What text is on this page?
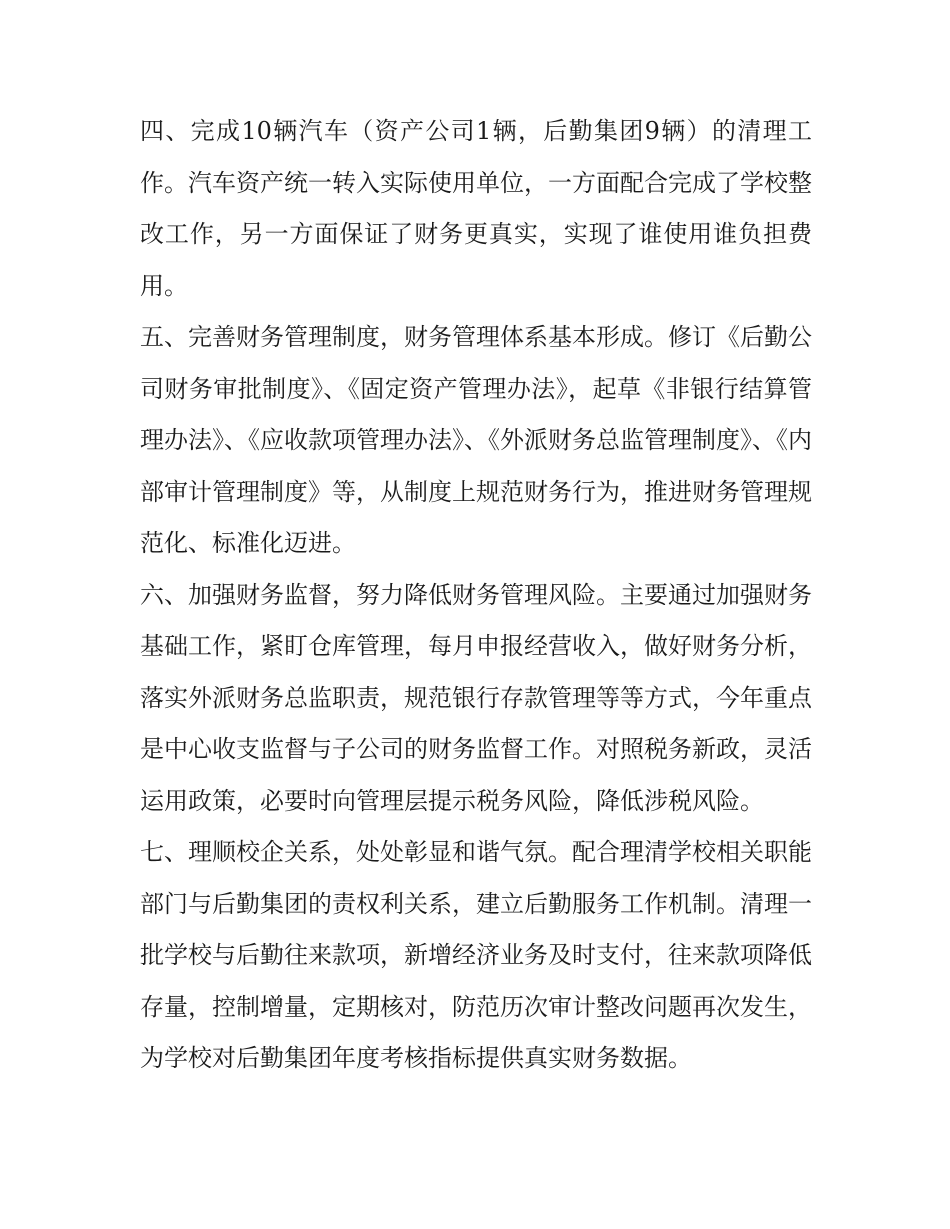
四、完成10辆汽车（资产公司1辆，后勤集团9辆）的清理工作。汽车资产统一转入实际使用单位，一方面配合完成了学校整改工作，另一方面保证了财务更真实，实现了谁使用谁负担费用。

五、完善财务管理制度，财务管理体系基本形成。修订《后勤公司财务审批制度》、《固定资产管理办法》，起草《非银行结算管理办法》、《应收款项管理办法》、《外派财务总监管理制度》、《内部审计管理制度》等，从制度上规范财务行为，推进财务管理规范化、标准化迈进。

六、加强财务监督，努力降低财务管理风险。主要通过加强财务基础工作，紧盯仓库管理，每月申报经营收入，做好财务分析，落实外派财务总监职责，规范银行存款管理等等方式，今年重点是中心收支监督与子公司的财务监督工作。对照税务新政，灵活运用政策，必要时向管理层提示税务风险，降低涉税风险。

七、理顺校企关系，处处彰显和谐气氛。配合理清学校相关职能部门与后勤集团的责权利关系，建立后勤服务工作机制。清理一批学校与后勤往来款项，新增经济业务及时支付，往来款项降低存量，控制增量，定期核对，防范历次审计整改问题再次发生，为学校对后勤集团年度考核指标提供真实财务数据。
